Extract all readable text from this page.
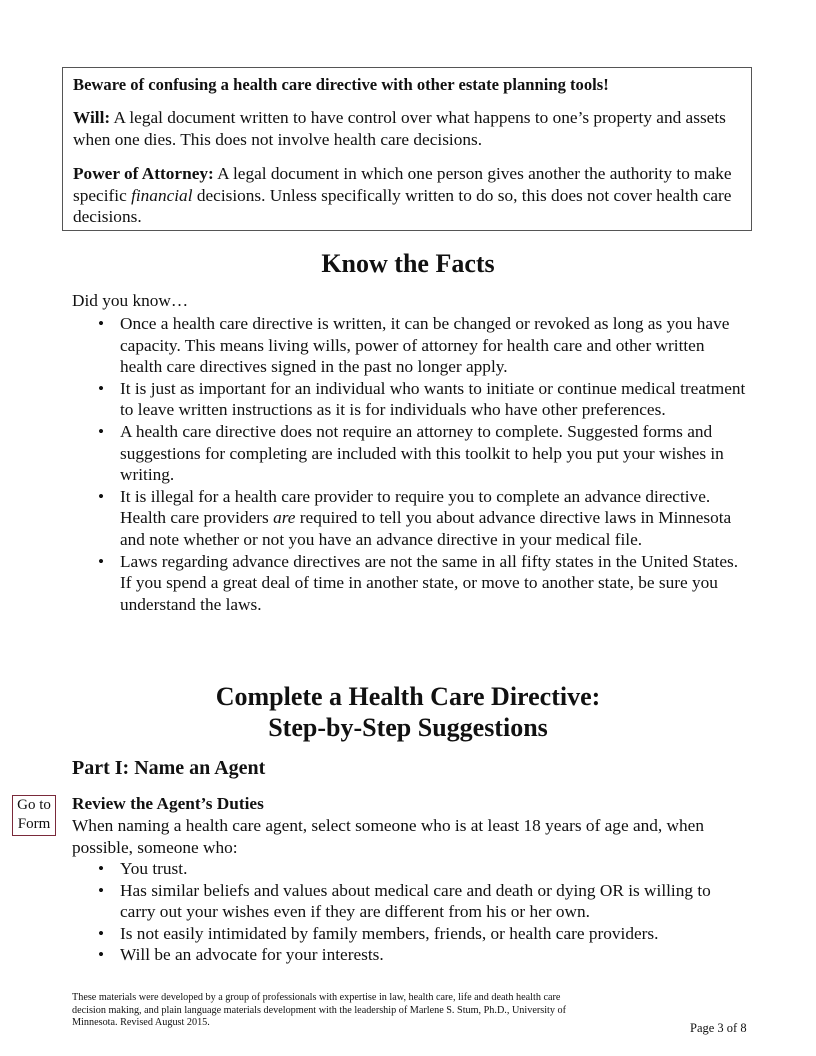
Beware of confusing a health care directive with other estate planning tools!

Will: A legal document written to have control over what happens to one’s property and assets when one dies. This does not involve health care decisions.

Power of Attorney: A legal document in which one person gives another the authority to make specific financial decisions. Unless specifically written to do so, this does not cover health care decisions.

Know the Facts
Did you know…
• Once a health care directive is written, it can be changed or revoked as long as you have capacity. This means living wills, power of attorney for health care and other written health care directives signed in the past no longer apply.
• It is just as important for an individual who wants to initiate or continue medical treatment to leave written instructions as it is for individuals who have other preferences.
• A health care directive does not require an attorney to complete. Suggested forms and suggestions for completing are included with this toolkit to help you put your wishes in writing.
• It is illegal for a health care provider to require you to complete an advance directive. Health care providers are required to tell you about advance directive laws in Minnesota and note whether or not you have an advance directive in your medical file.
• Laws regarding advance directives are not the same in all fifty states in the United States. If you spend a great deal of time in another state, or move to another state, be sure you understand the laws.
Complete a Health Care Directive:
Step-by-Step Suggestions
Part I: Name an Agent
Go to
Form
Review the Agent’s Duties
When naming a health care agent, select someone who is at least 18 years of age and, when possible, someone who:
• You trust.
• Has similar beliefs and values about medical care and death or dying OR is willing to carry out your wishes even if they are different from his or her own.
• Is not easily intimidated by family members, friends, or health care providers.
• Will be an advocate for your interests.
These materials were developed by a group of professionals with expertise in law, health care, life and death health care decision making, and plain language materials development with the leadership of Marlene S. Stum, Ph.D., University of Minnesota. Revised August 2015.	Page 3 of 8
